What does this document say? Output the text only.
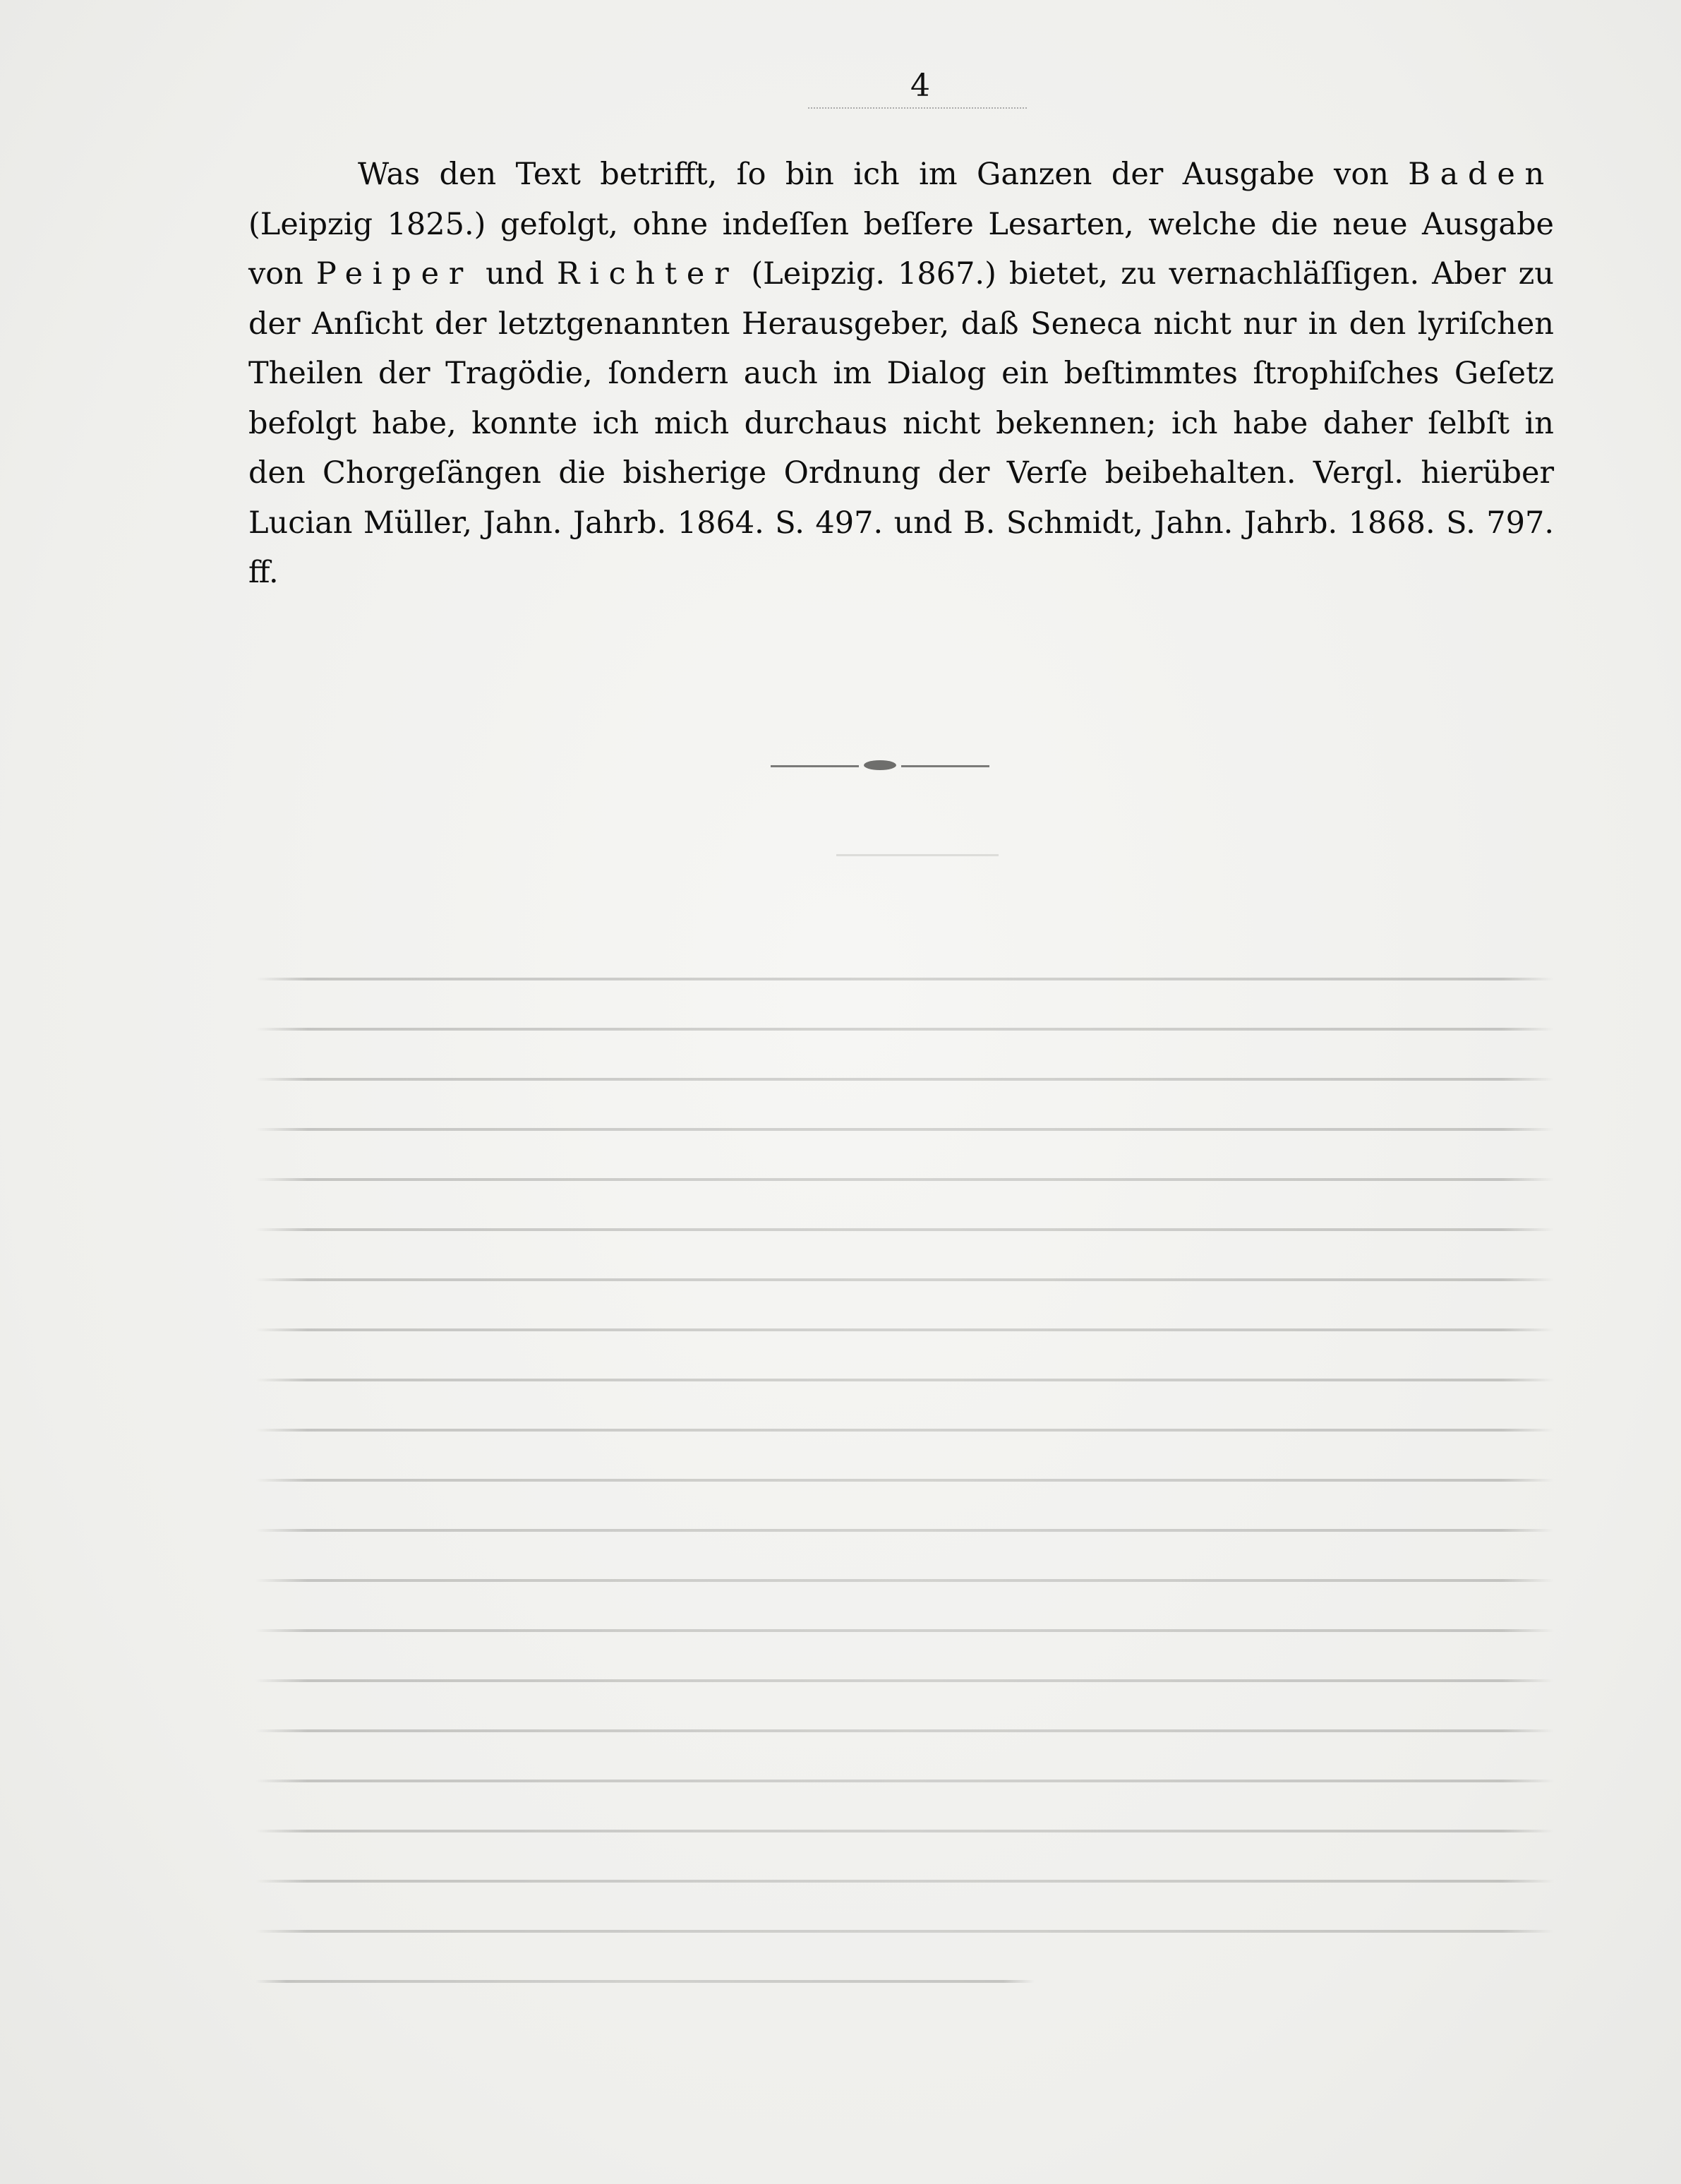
4

Was den Text betrifft, ſo bin ich im Ganzen der Ausgabe von Baden (Leipzig 1825.) gefolgt, ohne indeſſen beſſere Lesarten, welche die neue Ausgabe von Peiper und Richter (Leipzig. 1867.) bietet, zu vernachläſſigen. Aber zu der Anſicht der letztgenannten Herausgeber, daß Seneca nicht nur in den lyriſchen Theilen der Tragödie, ſondern auch im Dialog ein beſtimmtes ſtrophiſches Geſetz befolgt habe, konnte ich mich durchaus nicht bekennen; ich habe daher ſelbſt in den Chorgeſängen die bisherige Ordnung der Verſe beibehalten. Vergl. hierüber Lucian Müller, Jahn. Jahrb. 1864. S. 497. und B. Schmidt, Jahn. Jahrb. 1868. S. 797. ff.
